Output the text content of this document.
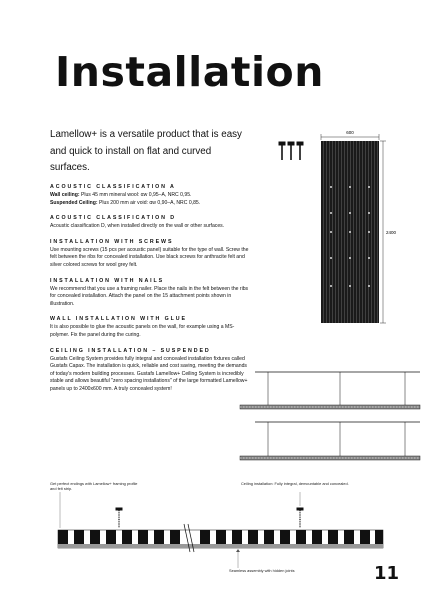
Installation

Lamellow+ is a versatile product that is easy and quick to install on flat and curved surfaces.

ACOUSTIC CLASSIFICATION A

Wall ceiling: Plus 45 mm mineral wool: αw 0,95–A, NRC 0,95.

Suspended Ceiling: Plus 200 mm air void: αw 0,90–A, NRC 0,85.

ACOUSTIC CLASSIFICATION D

Acoustic classification D, when installed directly on the wall or other surfaces.

INSTALLATION WITH SCREWS

Use mounting screws (15 pcs per acoustic panel) suitable for the type of wall. Screw the felt between the ribs for concealed installation. Use black screws for anthracite felt and silver colored screws for wool grey felt.

INSTALLATION WITH NAILS

We recommend that you use a framing nailer. Place the nails in the felt between the ribs for concealed installation. Attach the panel on the 15 attachment points shown in illustration.

WALL INSTALLATION WITH GLUE

It is also possible to glue the acoustic panels on the wall, for example using a MS-polymer. Fix the panel during the curing.

CEILING INSTALLATION – SUSPENDED

Gustafs Ceiling System provides fully integral and concealed installation fixtures called Gustafs Capax. The installation is quick, reliable and cost saving, meeting the demands of today's modern building processes. Gustafs Lamellow+ Ceiling System is incredibly stable and allows beautiful "zero spacing installations" of the large formatted Lamellow+ panels up to 2400x600 mm. A truly concealed system!

600
2400
Get perfect endings with Lamellow+ framing profile and felt strip.
Ceiling installation: Fully integral, demountable and concealed.
Seamless assembly with hidden joints	11
